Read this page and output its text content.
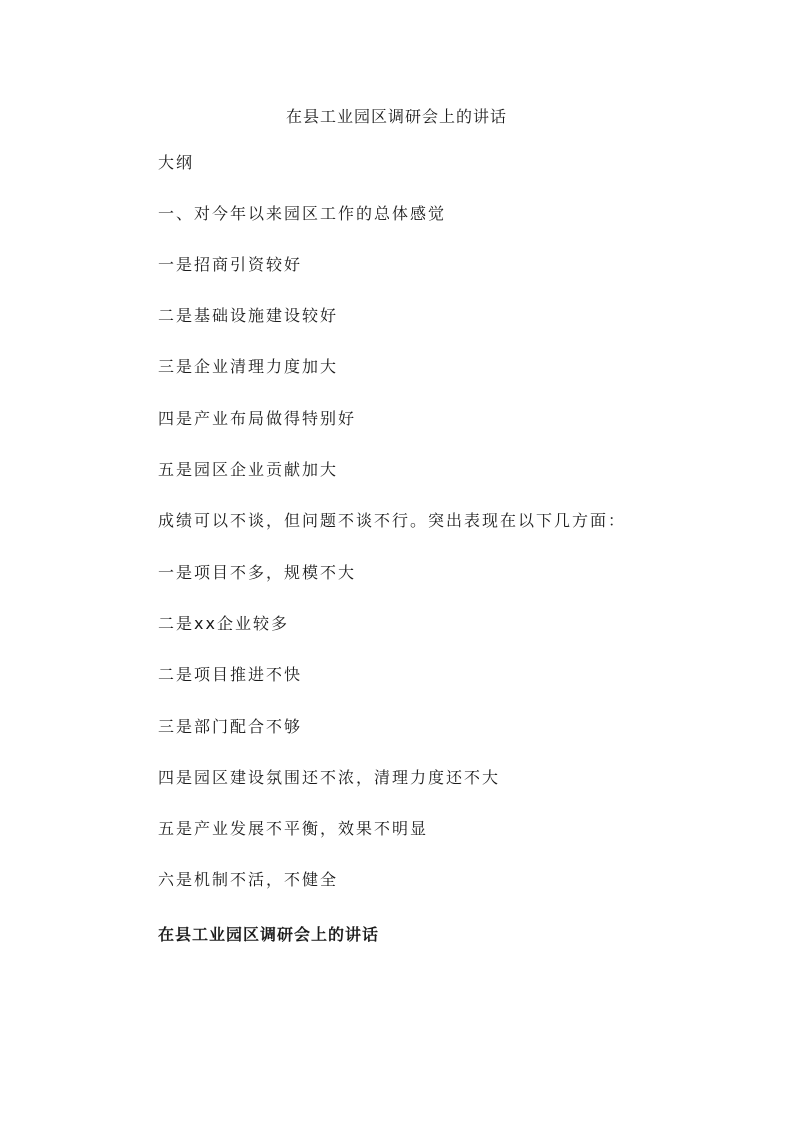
在县工业园区调研会上的讲话
大纲
一、对今年以来园区工作的总体感觉
一是招商引资较好
二是基础设施建设较好
三是企业清理力度加大
四是产业布局做得特别好
五是园区企业贡献加大
成绩可以不谈，但问题不谈不行。突出表现在以下几方面：
一是项目不多，规模不大
二是xx企业较多
二是项目推进不快
三是部门配合不够
四是园区建设氛围还不浓，清理力度还不大
五是产业发展不平衡，效果不明显
六是机制不活，不健全
在县工业园区调研会上的讲话
